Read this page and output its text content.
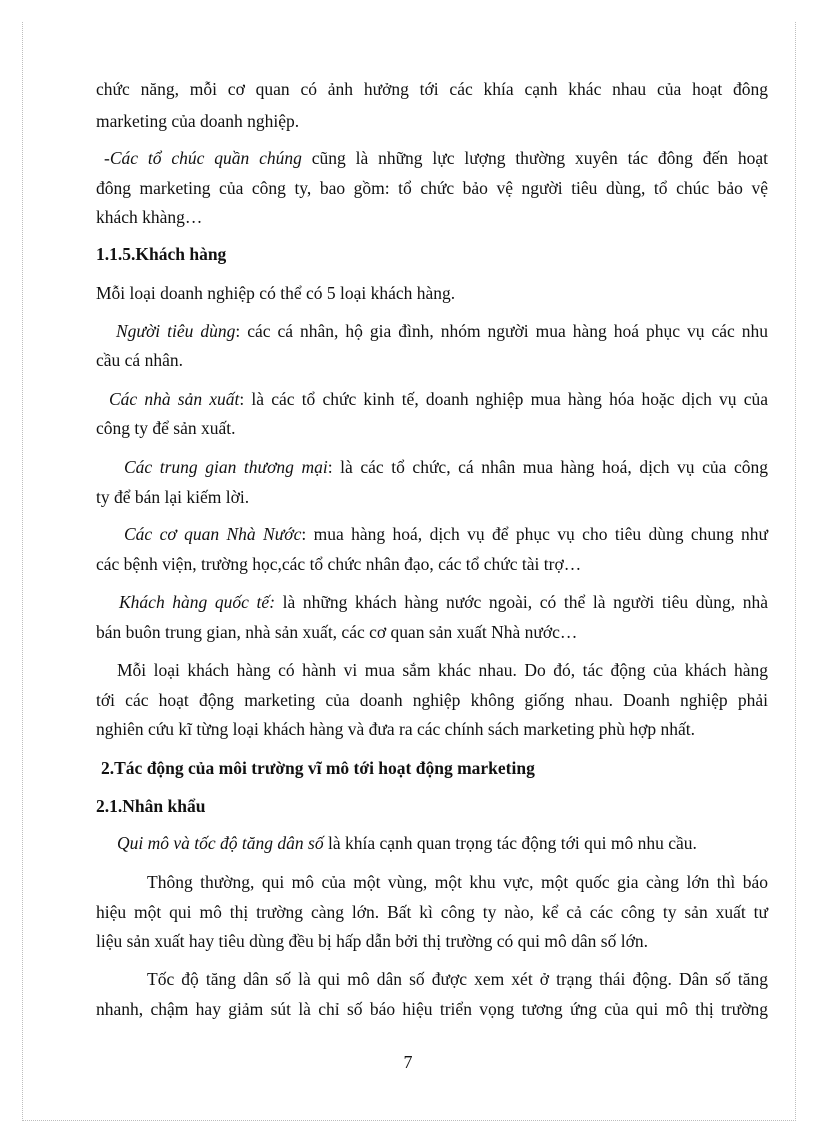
chức năng, mỗi cơ quan có ảnh hưởng tới các khía cạnh khác nhau của hoạt đông
marketing của doanh nghiệp.
-Các tổ chúc quần chúng cũng là những lực lượng thường xuyên tác đông đến hoạt
đông marketing của công ty, bao gồm: tổ chức bảo vệ người tiêu dùng, tổ chúc bảo vệ
khách khàng…
1.1.5.Khách hàng
Mỗi loại doanh nghiệp có thể có 5 loại khách hàng.
Người tiêu dùng: các cá nhân, hộ gia đình, nhóm người mua hàng hoá phục vụ các nhu
cầu cá nhân.
Các nhà sản xuất: là các tổ chức kinh tế, doanh nghiệp mua hàng hóa hoặc dịch vụ của
công ty để sản xuất.
Các trung gian thương mại: là các tổ chức, cá nhân mua hàng hoá, dịch vụ của công
ty để bán lại kiếm lời.
Các cơ quan Nhà Nước: mua hàng hoá, dịch vụ để phục vụ cho tiêu dùng chung như
các bệnh viện, trường học,các tổ chức nhân đạo, các tổ chức tài trợ…
Khách hàng quốc tế: là những khách hàng nước ngoài, có thể là người tiêu dùng, nhà
bán buôn trung gian, nhà sản xuất, các cơ quan sản xuất Nhà nước…
Mỗi loại khách hàng có hành vi mua sắm khác nhau. Do đó, tác động của khách hàng
tới các hoạt động marketing của doanh nghiệp không giống nhau. Doanh nghiệp phải
nghiên cứu kĩ từng loại khách hàng và đưa ra các chính sách marketing phù hợp nhất.
2.Tác động của môi trường vĩ mô tới hoạt động marketing
2.1.Nhân khẩu
Qui mô và tốc độ tăng dân số là khía cạnh quan trọng tác động tới qui mô nhu cầu.
Thông thường, qui mô của một vùng, một khu vực, một quốc gia càng lớn thì báo
hiệu một qui mô thị trường càng lớn. Bất kì công ty nào, kể cả các công ty sản xuất tư
liệu sản xuất hay tiêu dùng đều bị hấp dẫn bởi thị trường có qui mô dân số lớn.
Tốc độ tăng dân số là qui mô dân số được xem xét ở trạng thái động. Dân số tăng
nhanh, chậm hay giảm sút là chỉ số báo hiệu triển vọng tương ứng của qui mô thị trường
7
